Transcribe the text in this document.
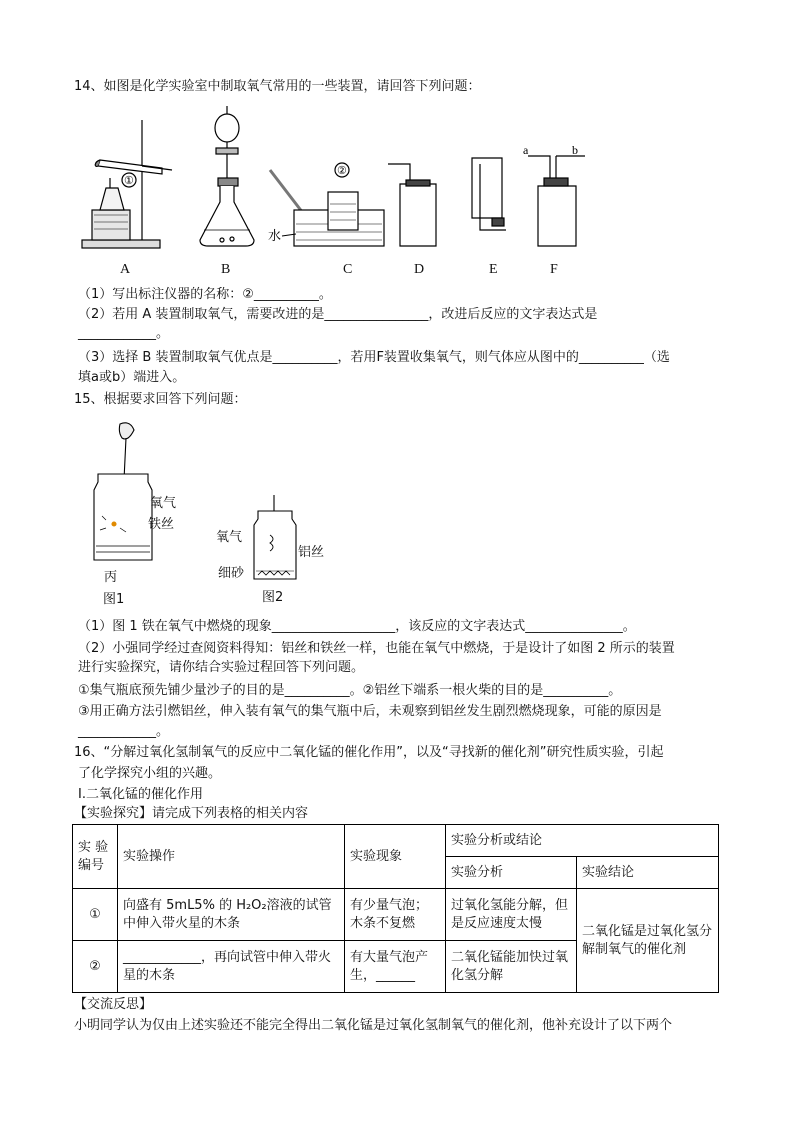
14、如图是化学实验室中制取氧气常用的一些装置，请回答下列问题：
①
②
水
a	b
A	B	C	D	E	F
（1）写出标注仪器的名称：②__________。
（2）若用 A 装置制取氧气，需要改进的是________________，改进后反应的文字表达式是
____________。
（3）选择 B 装置制取氧气优点是__________，若用F装置收集氧气，则气体应从图中的__________（选
填a或b）端进入。
15、根据要求回答下列问题：
氧气
铁丝
丙
图1
氧气
铝丝
细砂
图2
（1）图 1 铁在氧气中燃烧的现象___________________，该反应的文字表达式_______________。
（2）小强同学经过查阅资料得知：铝丝和铁丝一样，也能在氧气中燃烧，于是设计了如图 2 所示的装置
进行实验探究，请你结合实验过程回答下列问题。
①集气瓶底预先铺少量沙子的目的是__________。②铝丝下端系一根火柴的目的是__________。
③用正确方法引燃铝丝，伸入装有氧气的集气瓶中后，未观察到铝丝发生剧烈燃烧现象，可能的原因是
____________。
16、“分解过氧化氢制氧气的反应中二氧化锰的催化作用”，以及“寻找新的催化剂”研究性质实验，引起
了化学探究小组的兴趣。
Ⅰ.二氧化锰的催化作用
【实验探究】请完成下列表格的相关内容
实 验编号	实验操作	实验现象	实验分析或结论	
			实验分析	实验结论
①	向盛有 5mL5% 的 H₂O₂溶液的试管中伸入带火星的木条	有少量气泡；木条不复燃	过氧化氢能分解，但是反应速度太慢	二氧化锰是过氧化氢分解制氧气的催化剂
②	____________，再向试管中伸入带火星的木条	有大量气泡产生，______	二氧化锰能加快过氧化氢分解	
【交流反思】
小明同学认为仅由上述实验还不能完全得出二氧化锰是过氧化氢制氧气的催化剂，他补充设计了以下两个
